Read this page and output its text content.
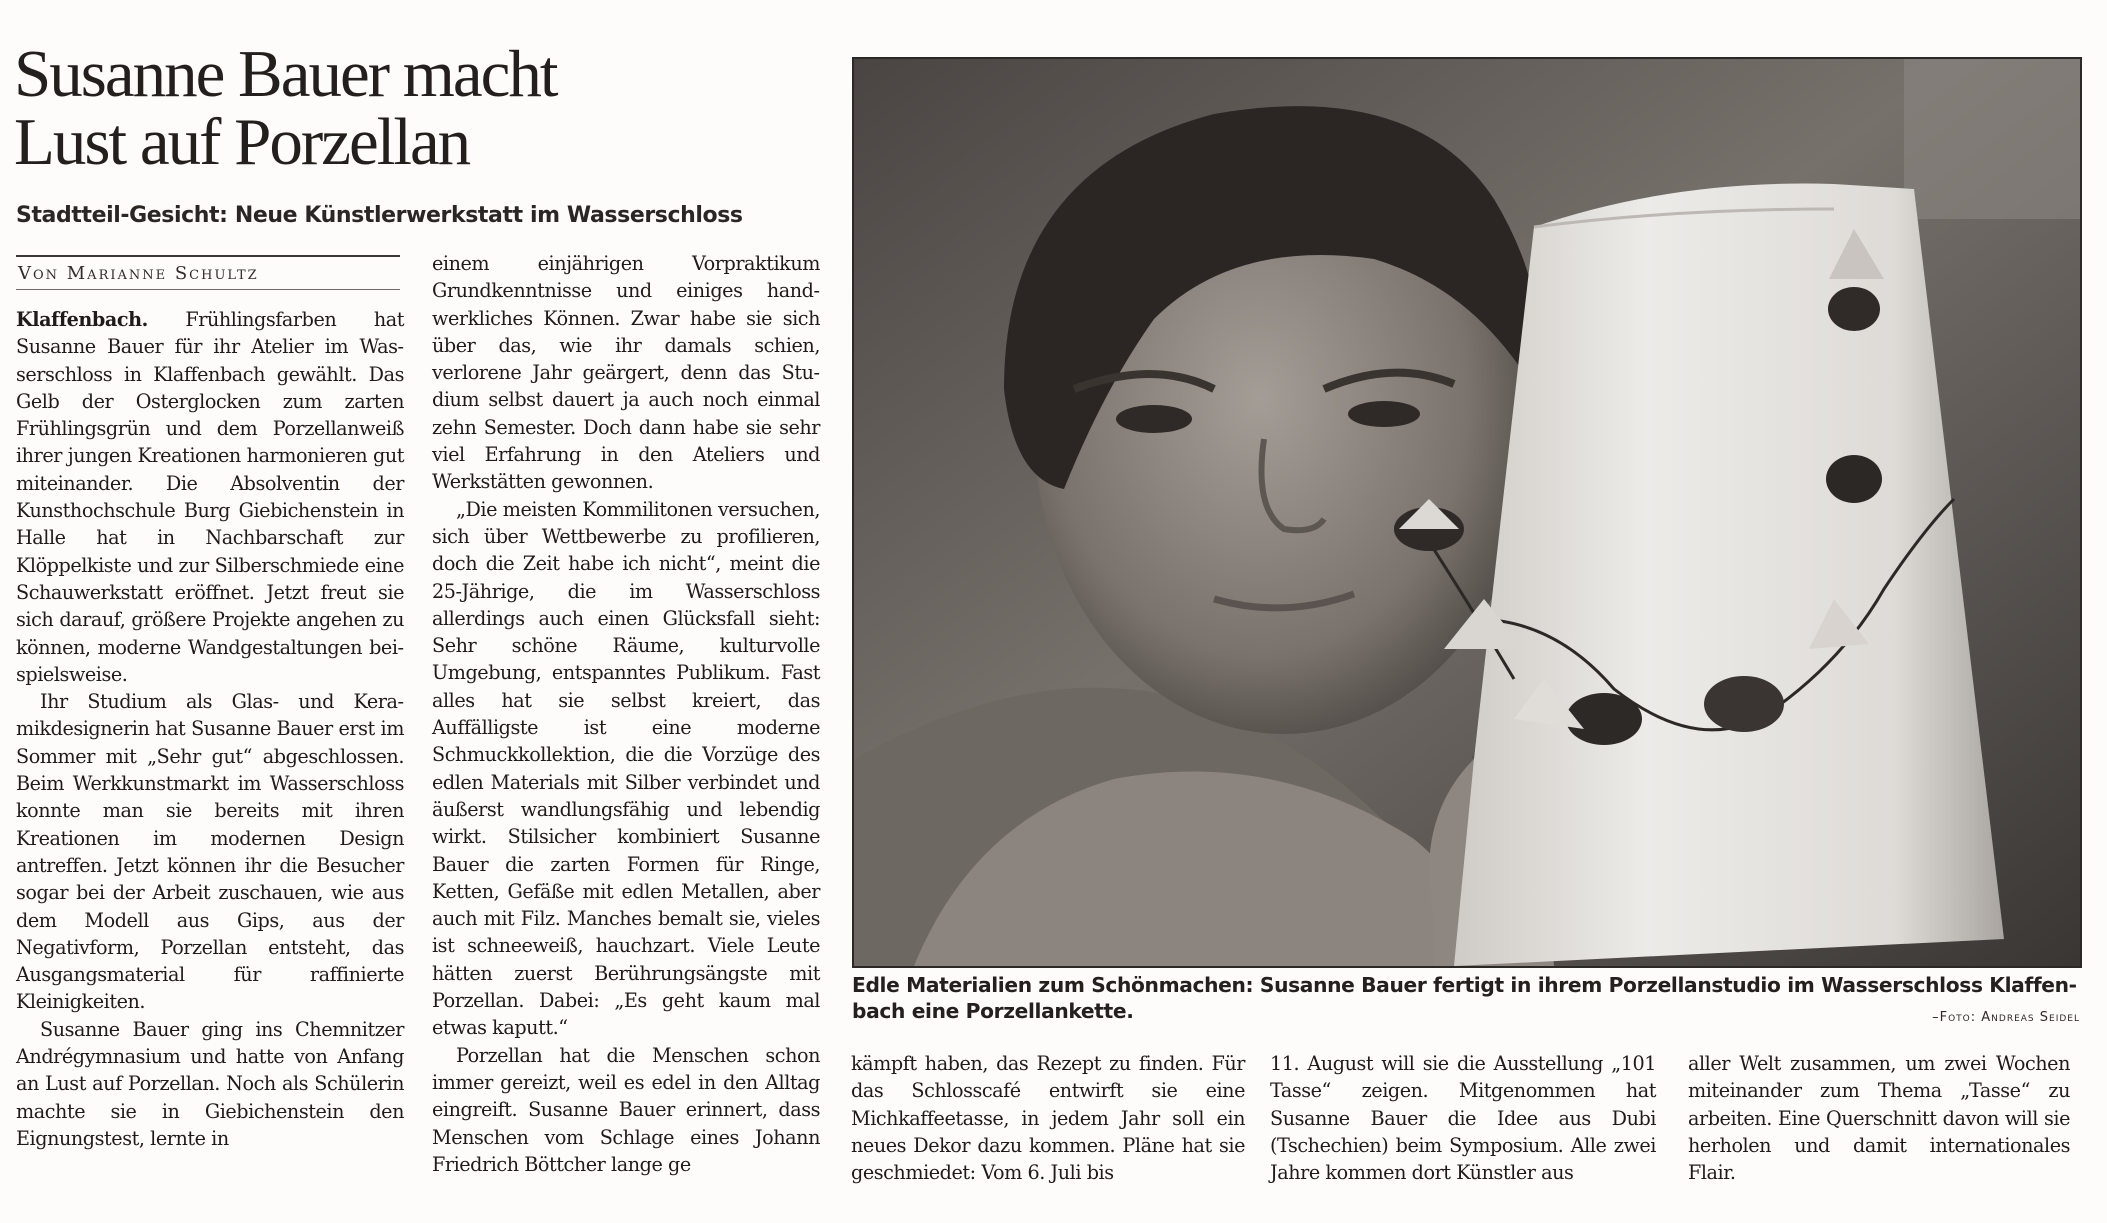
Susanne Bauer macht
Lust auf Porzellan
Stadtteil-Gesicht: Neue Künstlerwerkstatt im Wasserschloss
Von Marianne Schultz

Klaffenbach. Frühlingsfarben hat Susanne Bauer für ihr Atelier im Wasserschloss in Klaffenbach gewählt. Das Gelb der Osterglocken zum zarten Frühlingsgrün und dem Porzellanweiß ihrer jungen Kreationen harmonieren gut miteinander. Die Absolventin der Kunsthochschule Burg Giebichenstein in Halle hat in Nachbarschaft zur Klöppelkiste und zur Silberschmiede eine Schauwerkstatt eröffnet. Jetzt freut sie sich darauf, größere Projekte angehen zu können, moderne Wandgestaltungen beispielsweise.

Ihr Studium als Glas- und Keramikdesignerin hat Susanne Bauer erst im Sommer mit „Sehr gut“ abgeschlossen. Beim Werkkunstmarkt im Wasserschloss konnte man sie bereits mit ihren Kreationen im modernen Design antreffen. Jetzt können ihr die Besucher sogar bei der Arbeit zuschauen, wie aus dem Modell aus Gips, aus der Negativform, Porzellan entsteht, das Ausgangsmaterial für raffinierte Kleinigkeiten.

Susanne Bauer ging ins Chemnitzer Andrégymnasium und hatte von Anfang an Lust auf Porzellan. Noch als Schülerin machte sie in Giebichenstein den Eignungstest, lernte in

einem einjährigen Vorpraktikum Grundkenntnisse und einiges handwerkliches Können. Zwar habe sie sich über das, wie ihr damals schien, verlorene Jahr geärgert, denn das Studium selbst dauert ja auch noch einmal zehn Semester. Doch dann habe sie sehr viel Erfahrung in den Ateliers und Werkstätten gewonnen.

„Die meisten Kommilitonen versuchen, sich über Wettbewerbe zu profilieren, doch die Zeit habe ich nicht“, meint die 25-Jährige, die im Wasserschloss allerdings auch einen Glücksfall sieht: Sehr schöne Räume, kulturvolle Umgebung, entspanntes Publikum. Fast alles hat sie selbst kreiert, das Auffälligste ist eine moderne Schmuckkollektion, die die Vorzüge des edlen Materials mit Silber verbindet und äußerst wandlungsfähig und lebendig wirkt. Stilsicher kombiniert Susanne Bauer die zarten Formen für Ringe, Ketten, Gefäße mit edlen Metallen, aber auch mit Filz. Manches bemalt sie, vieles ist schneeweiß, hauchzart. Viele Leute hätten zuerst Berührungsängste mit Porzellan. Dabei: „Es geht kaum mal etwas kaputt.“

Porzellan hat die Menschen schon immer gereizt, weil es edel in den Alltag eingreift. Susanne Bauer erinnert, dass Menschen vom Schlage eines Johann Friedrich Böttcher lange ge

Edle Materialien zum Schönmachen: Susanne Bauer fertigt in ihrem Porzellanstudio im Wasserschloss Klaffenbach eine Porzellankette.	–Foto: Andreas Seidel

kämpft haben, das Rezept zu finden. Für das Schlosscafé entwirft sie eine Michkaffeetasse, in jedem Jahr soll ein neues Dekor dazu kommen. Pläne hat sie geschmiedet: Vom 6. Juli bis

11. August will sie die Ausstellung „101 Tasse“ zeigen. Mitgenommen hat Susanne Bauer die Idee aus Dubi (Tschechien) beim Symposium. Alle zwei Jahre kommen dort Künstler aus

aller Welt zusammen, um zwei Wochen miteinander zum Thema „Tasse“ zu arbeiten. Eine Querschnitt davon will sie herholen und damit internationales Flair.
